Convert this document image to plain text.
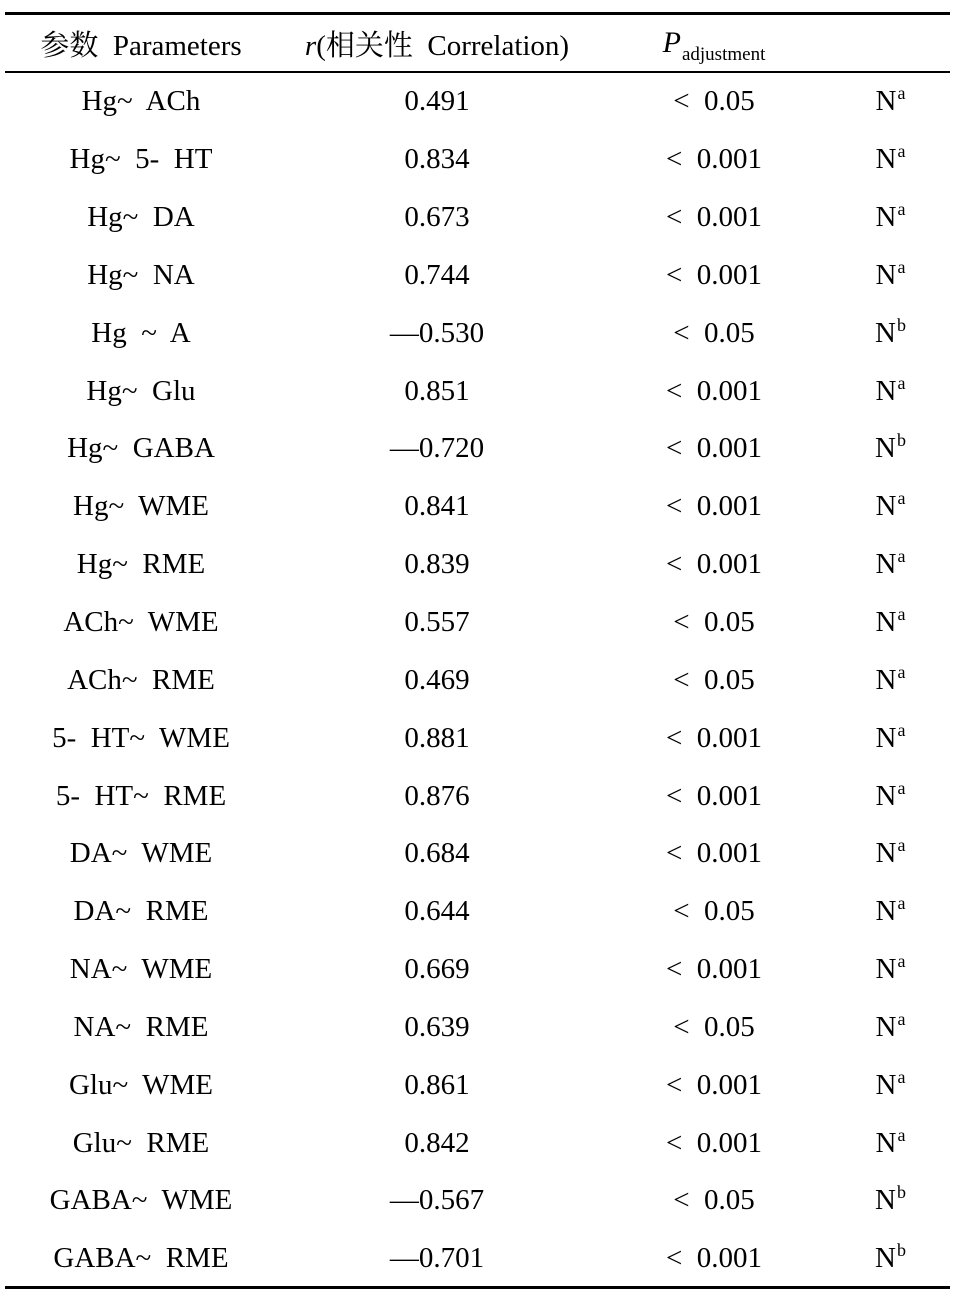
参数  Parameters	r(相关性  Correlation)	$P_{adjustment}$
Hg~  ACh	0.491	<  0.05	$N^a$
Hg~  5-  HT	0.834	<  0.001	$N^a$
Hg~  DA	0.673	<  0.001	$N^a$
Hg~  NA	0.744	<  0.001	$N^a$
Hg  ~  A	—0.530	<  0.05	$N^b$
Hg~  Glu	0.851	<  0.001	$N^a$
Hg~  GABA	—0.720	<  0.001	$N^b$
Hg~  WME	0.841	<  0.001	$N^a$
Hg~  RME	0.839	<  0.001	$N^a$
ACh~  WME	0.557	<  0.05	$N^a$
ACh~  RME	0.469	<  0.05	$N^a$
5-  HT~  WME	0.881	<  0.001	$N^a$
5-  HT~  RME	0.876	<  0.001	$N^a$
DA~  WME	0.684	<  0.001	$N^a$
DA~  RME	0.644	<  0.05	$N^a$
NA~  WME	0.669	<  0.001	$N^a$
NA~  RME	0.639	<  0.05	$N^a$
Glu~  WME	0.861	<  0.001	$N^a$
Glu~  RME	0.842	<  0.001	$N^a$
GABA~  WME	—0.567	<  0.05	$N^b$
GABA~  RME	—0.701	<  0.001	$N^b$
